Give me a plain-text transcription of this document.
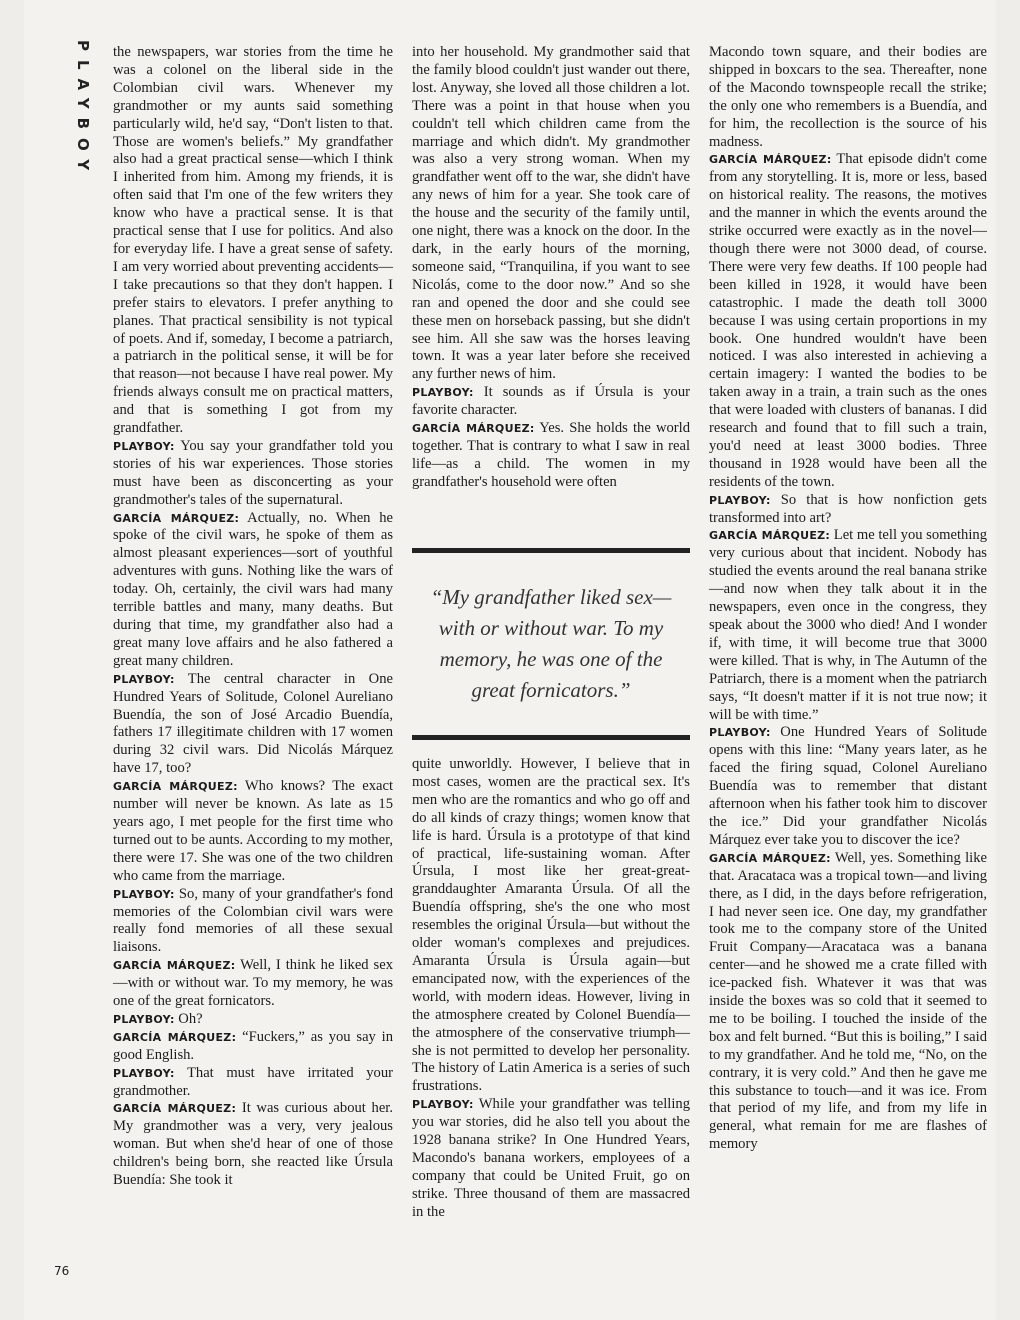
PLAYBOY the newspapers, war stories from the time he was a colonel on the liberal side in the Colombian civil wars. Whenever my grandmother or my aunts said something particularly wild, he'd say, “Don't listen to that. Those are women's beliefs.” My grandfather also had a great practical sense—which I think I inherited from him. Among my friends, it is often said that I'm one of the few writers they know who have a practical sense. It is that practical sense that I use for politics. And also for everyday life. I have a great sense of safety. I am very worried about preventing accidents—I take precautions so that they don't happen. I prefer stairs to elevators. I prefer anything to planes. That practical sensibility is not typical of poets. And if, someday, I become a patriarch, a patriarch in the political sense, it will be for that reason—not because I have real power. My friends always consult me on practical matters, and that is something I got from my grandfather.

PLAYBOY: You say your grandfather told you stories of his war experiences. Those stories must have been as disconcerting as your grandmother's tales of the supernatural.

GARCÍA MÁRQUEZ: Actually, no. When he spoke of the civil wars, he spoke of them as almost pleasant experiences—sort of youthful adventures with guns. Nothing like the wars of today. Oh, certainly, the civil wars had many terrible battles and many, many deaths. But during that time, my grandfather also had a great many love affairs and he also fathered a great many children.

PLAYBOY: The central character in One Hundred Years of Solitude, Colonel Aureliano Buendía, the son of José Arcadio Buendía, fathers 17 illegitimate children with 17 women during 32 civil wars. Did Nicolás Márquez have 17, too?

GARCÍA MÁRQUEZ: Who knows? The exact number will never be known. As late as 15 years ago, I met people for the first time who turned out to be aunts. According to my mother, there were 17. She was one of the two children who came from the marriage.

PLAYBOY: So, many of your grandfather's fond memories of the Colombian civil wars were really fond memories of all these sexual liaisons.

GARCÍA MÁRQUEZ: Well, I think he liked sex—with or without war. To my memory, he was one of the great fornicators.

PLAYBOY: Oh?

GARCÍA MÁRQUEZ: “Fuckers,” as you say in good English.

PLAYBOY: That must have irritated your grandmother.

GARCÍA MÁRQUEZ: It was curious about her. My grandmother was a very, very jealous woman. But when she'd hear of one of those children's being born, she reacted like Úrsula Buendía: She took it

into her household. My grandmother said that the family blood couldn't just wander out there, lost. Anyway, she loved all those children a lot. There was a point in that house when you couldn't tell which children came from the marriage and which didn't. My grandmother was also a very strong woman. When my grandfather went off to the war, she didn't have any news of him for a year. She took care of the house and the security of the family until, one night, there was a knock on the door. In the dark, in the early hours of the morning, someone said, “Tranquilina, if you want to see Nicolás, come to the door now.” And so she ran and opened the door and she could see these men on horseback passing, but she didn't see him. All she saw was the horses leaving town. It was a year later before she received any further news of him.

PLAYBOY: It sounds as if Úrsula is your favorite character.

GARCÍA MÁRQUEZ: Yes. She holds the world together. That is contrary to what I saw in real life—as a child. The women in my grandfather's household were often

“My grandfather liked sex—with or without war. To my memory, he was one of the great fornicators.”

quite unworldly. However, I believe that in most cases, women are the practical sex. It's men who are the romantics and who go off and do all kinds of crazy things; women know that life is hard. Úrsula is a prototype of that kind of practical, life-sustaining woman. After Úrsula, I most like her great-great-granddaughter Amaranta Úrsula. Of all the Buendía offspring, she's the one who most resembles the original Úrsula—but without the older woman's complexes and prejudices. Amaranta Úrsula is Úrsula again—but emancipated now, with the experiences of the world, with modern ideas. However, living in the atmosphere created by Colonel Buendía—the atmosphere of the conservative triumph—she is not permitted to develop her personality. The history of Latin America is a series of such frustrations.

PLAYBOY: While your grandfather was telling you war stories, did he also tell you about the 1928 banana strike? In One Hundred Years, Macondo's banana workers, employees of a company that could be United Fruit, go on strike. Three thousand of them are massacred in the

Macondo town square, and their bodies are shipped in boxcars to the sea. Thereafter, none of the Macondo townspeople recall the strike; the only one who remembers is a Buendía, and for him, the recollection is the source of his madness.

GARCÍA MÁRQUEZ: That episode didn't come from any storytelling. It is, more or less, based on historical reality. The reasons, the motives and the manner in which the events around the strike occurred were exactly as in the novel—though there were not 3000 dead, of course. There were very few deaths. If 100 people had been killed in 1928, it would have been catastrophic. I made the death toll 3000 because I was using certain proportions in my book. One hundred wouldn't have been noticed. I was also interested in achieving a certain imagery: I wanted the bodies to be taken away in a train, a train such as the ones that were loaded with clusters of bananas. I did research and found that to fill such a train, you'd need at least 3000 bodies. Three thousand in 1928 would have been all the residents of the town.

PLAYBOY: So that is how nonfiction gets transformed into art?

GARCÍA MÁRQUEZ: Let me tell you something very curious about that incident. Nobody has studied the events around the real banana strike—and now when they talk about it in the newspapers, even once in the congress, they speak about the 3000 who died! And I wonder if, with time, it will become true that 3000 were killed. That is why, in The Autumn of the Patriarch, there is a moment when the patriarch says, “It doesn't matter if it is not true now; it will be with time.”

PLAYBOY: One Hundred Years of Solitude opens with this line: “Many years later, as he faced the firing squad, Colonel Aureliano Buendía was to remember that distant afternoon when his father took him to discover the ice.” Did your grandfather Nicolás Márquez ever take you to discover the ice?

GARCÍA MÁRQUEZ: Well, yes. Something like that. Aracataca was a tropical town—and living there, as I did, in the days before refrigeration, I had never seen ice. One day, my grandfather took me to the company store of the United Fruit Company—Aracataca was a banana center—and he showed me a crate filled with ice-packed fish. Whatever it was that was inside the boxes was so cold that it seemed to me to be boiling. I touched the inside of the box and felt burned. “But this is boiling,” I said to my grandfather. And he told me, “No, on the contrary, it is very cold.” And then he gave me this substance to touch—and it was ice. From that period of my life, and from my life in general, what remain for me are flashes of memory

76
